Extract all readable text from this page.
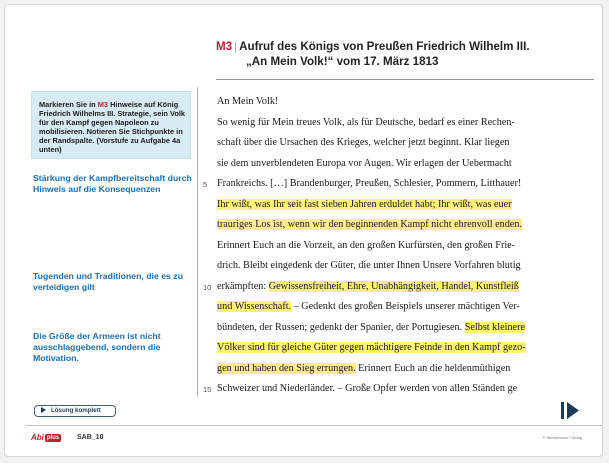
Markieren Sie in M3 Hinweise auf König Friedrich Wilhelms III. Strategie, sein Volk für den Kampf gegen Napoleon zu mobilisieren. Notieren Sie Stichpunkte in der Randspalte. (Vorstufe zu Aufgabe 4a unten)
Stärkung der Kampfbereitschaft durch Hinweis auf die Konsequenzen
Tugenden und Traditionen, die es zu verteidigen gilt
Die Größe der Armeen ist nicht ausschlaggebend, sondern die Motivation.
M3 | Aufruf des Königs von Preußen Friedrich Wilhelm III.
„An Mein Volk!“ vom 17. März 1813
An Mein Volk!
So wenig für Mein treues Volk, als für Deutsche, bedarf es einer Rechen-
schaft über die Ursachen des Krieges, welcher jetzt beginnt. Klar liegen
sie dem unverblendeten Europa vor Augen. Wir erlagen der Uebermacht
Frankreichs. […] Brandenburger, Preußen, Schlesier, Pommern, Litthauer!
Ihr wißt, was Ihr seit fast sieben Jahren erduldet habt; Ihr wißt, was euer
trauriges Los ist, wenn wir den beginnenden Kampf nicht ehrenvoll enden.
Erinnert Euch an die Vorzeit, an den großen Kurfürsten, den großen Frie-
drich. Bleibt eingedenk der Güter, die unter Ihnen Unsere Vorfahren blutig
erkämpften: Gewissensfreiheit, Ehre, Unabhängigkeit, Handel, Kunstfleiß
und Wissenschaft. – Gedenkt des großen Beispiels unserer mächtigen Ver-
bündeten, der Russen; gedenkt der Spanier, der Portugiesen. Selbst kleinere
Völker sind für gleiche Güter gegen mächtigere Feinde in den Kampf gezo-
gen und haben den Sieg errungen. Erinnert Euch an die heldenmüthigen
Schweizer und Niederländer. – Große Opfer werden von allen Ständen ge
5
10
15
Lösung komplett
Abi plus	SAB_10	© Westermann / Verlag
